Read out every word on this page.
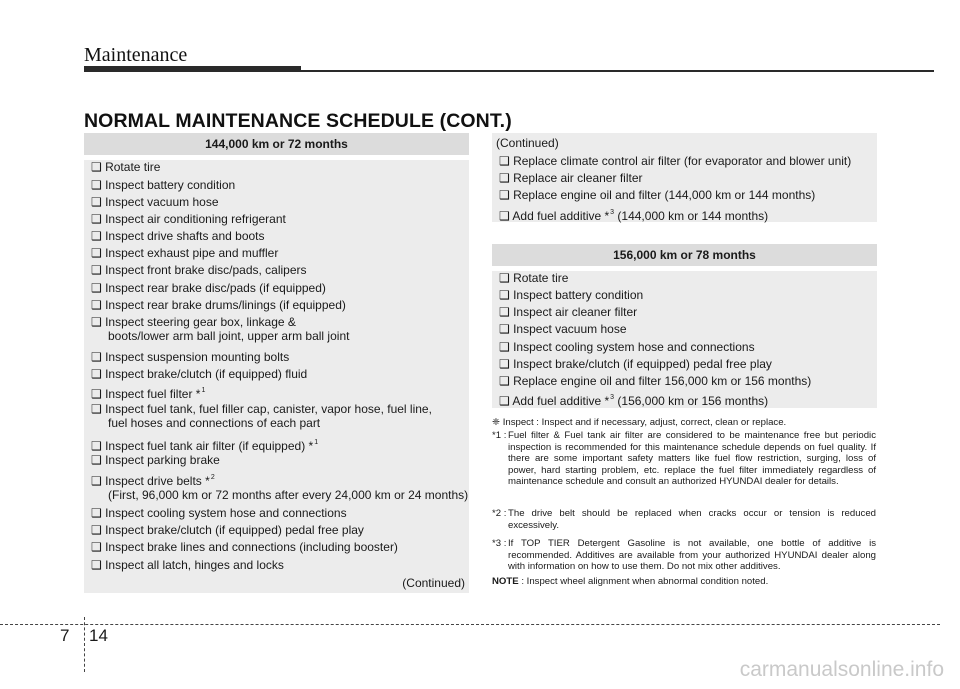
Maintenance
NORMAL MAINTENANCE SCHEDULE (CONT.)
144,000 km or 72 months
❑ Rotate tire
❑ Inspect battery condition
❑ Inspect vacuum hose
❑ Inspect air conditioning refrigerant
❑ Inspect drive shafts and boots
❑ Inspect exhaust pipe and muffler
❑ Inspect front brake disc/pads, calipers
❑ Inspect rear brake disc/pads (if equipped)
❑ Inspect rear brake drums/linings (if equipped)
❑ Inspect steering gear box, linkage &
boots/lower arm ball joint, upper arm ball joint
❑ Inspect suspension mounting bolts
❑ Inspect brake/clutch (if equipped) fluid
❑ Inspect fuel filter *$^1$
❑ Inspect fuel tank, fuel filler cap, canister, vapor hose, fuel line,
fuel hoses and connections of each part
❑ Inspect fuel tank air filter (if equipped) *$^1$
❑ Inspect parking brake
❑ Inspect drive belts *$^2$
(First, 96,000 km or 72 months after every 24,000 km or 24 months)
❑ Inspect cooling system hose and connections
❑ Inspect brake/clutch (if equipped) pedal free play
❑ Inspect brake lines and connections (including booster)
❑ Inspect all latch, hinges and locks
(Continued)
(Continued)
❑ Replace climate control air filter (for evaporator and blower unit)
❑ Replace air cleaner filter
❑ Replace engine oil and filter (144,000 km or 144 months)
❑ Add fuel additive *$^3$ (144,000 km or 144 months)
156,000 km or 78 months
❑ Rotate tire
❑ Inspect battery condition
❑ Inspect air cleaner filter
❑ Inspect vacuum hose
❑ Inspect cooling system hose and connections
❑ Inspect brake/clutch (if equipped) pedal free play
❑ Replace engine oil and filter 156,000 km or 156 months)
❑ Add fuel additive *$^3$ (156,000 km or 156 months)
❈ Inspect : Inspect and if necessary, adjust, correct, clean or replace.
*1 : Fuel filter & Fuel tank air filter are considered to be maintenance free but periodic inspection is recommended for this maintenance schedule depends on fuel quality. If there are some important safety matters like fuel flow restriction, surging, loss of power, hard starting problem, etc. replace the fuel filter immediately regardless of maintenance schedule and consult an authorized HYUNDAI dealer for details.
*2 : The drive belt should be replaced when cracks occur or tension is reduced excessively.
*3 : If TOP TIER Detergent Gasoline is not available, one bottle of additive is recommended. Additives are available from your authorized HYUNDAI dealer along with information on how to use them. Do not mix other additives.
NOTE : Inspect wheel alignment when abnormal condition noted.
7 14
carmanualsonline.info
